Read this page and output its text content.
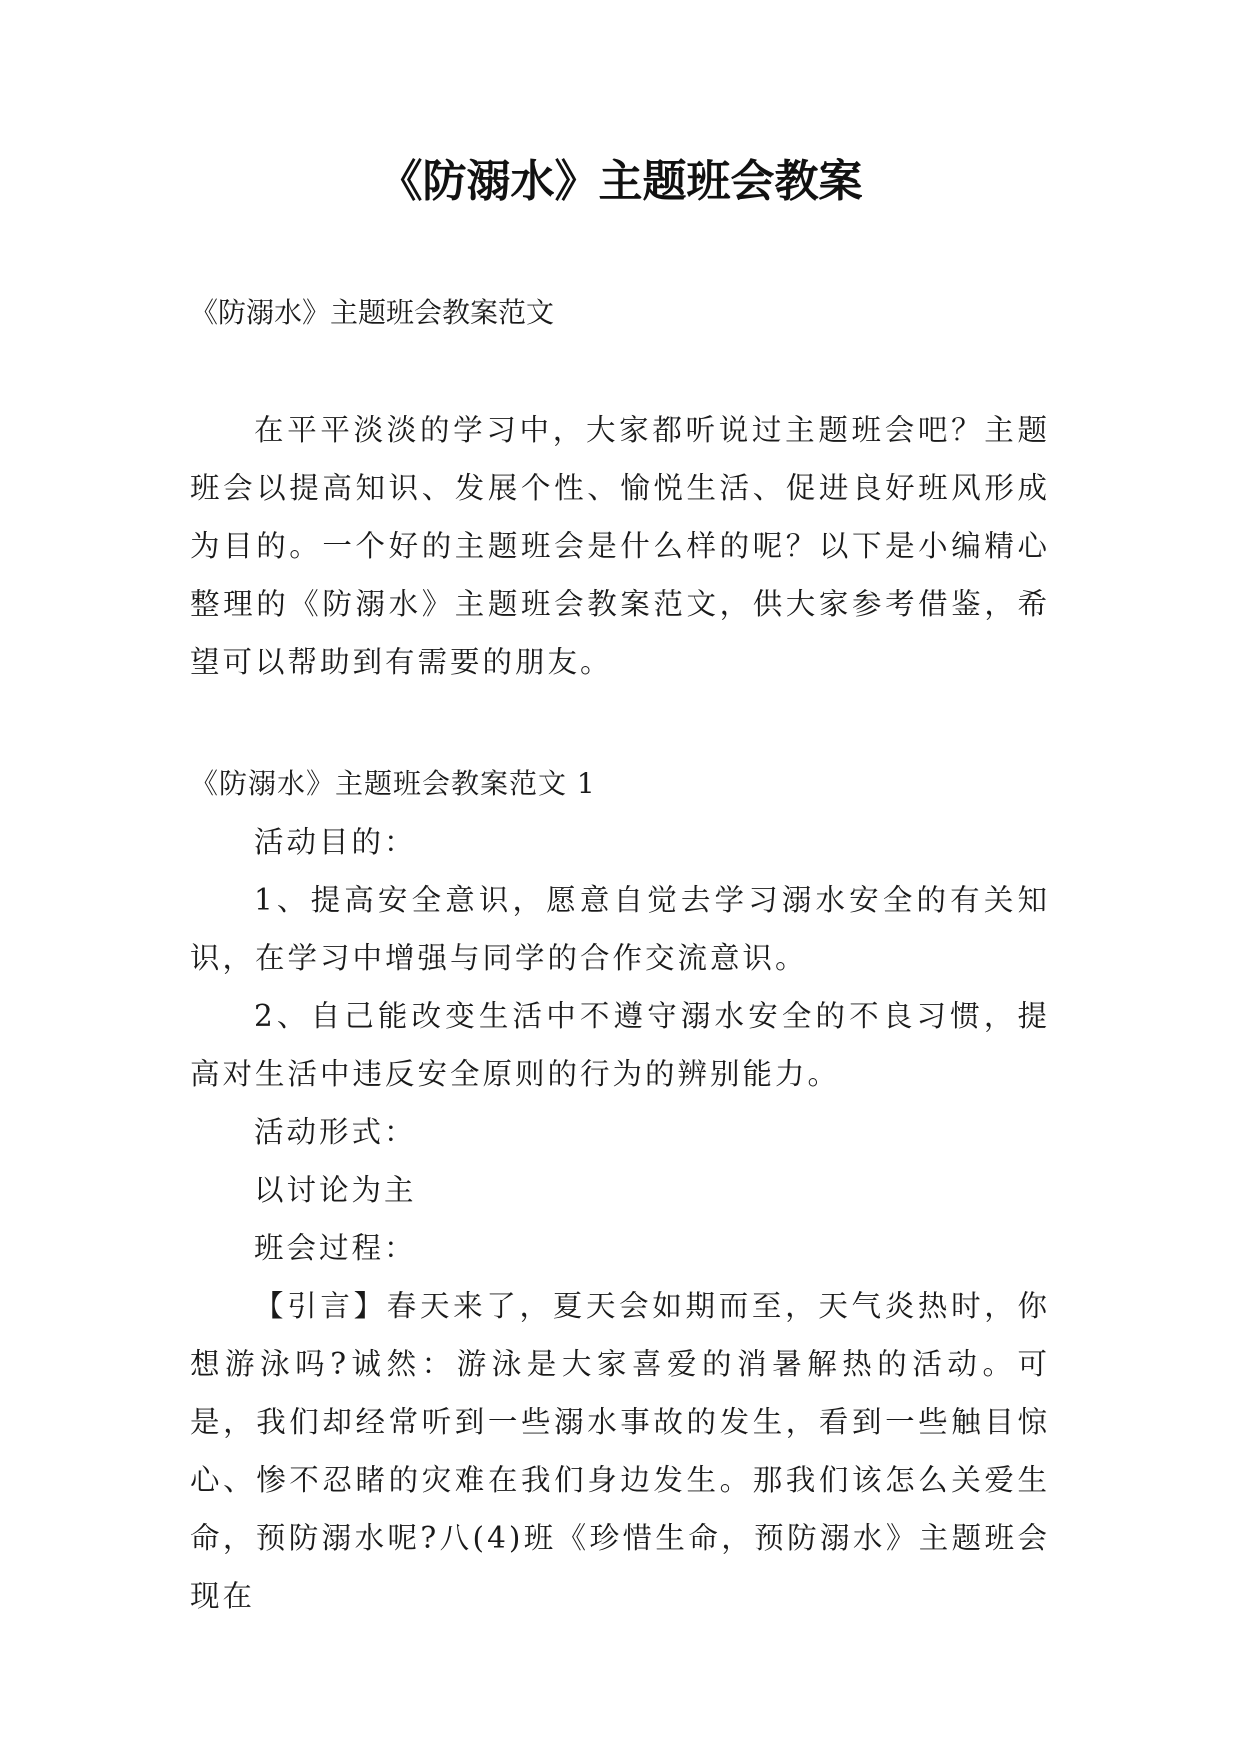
《防溺水》主题班会教案

《防溺水》主题班会教案范文

在平平淡淡的学习中，大家都听说过主题班会吧？主题班会以提高知识、发展个性、愉悦生活、促进良好班风形成为目的。一个好的主题班会是什么样的呢？以下是小编精心整理的《防溺水》主题班会教案范文，供大家参考借鉴，希望可以帮助到有需要的朋友。

《防溺水》主题班会教案范文 1

活动目的：

1、提高安全意识，愿意自觉去学习溺水安全的有关知识，在学习中增强与同学的合作交流意识。

2、自己能改变生活中不遵守溺水安全的不良习惯，提高对生活中违反安全原则的行为的辨别能力。

活动形式：

以讨论为主

班会过程：

【引言】春天来了，夏天会如期而至，天气炎热时，你想游泳吗?诚然：游泳是大家喜爱的消暑解热的活动。可是，我们却经常听到一些溺水事故的发生，看到一些触目惊心、惨不忍睹的灾难在我们身边发生。那我们该怎么关爱生命，预防溺水呢?八(4)班《珍惜生命，预防溺水》主题班会现在
